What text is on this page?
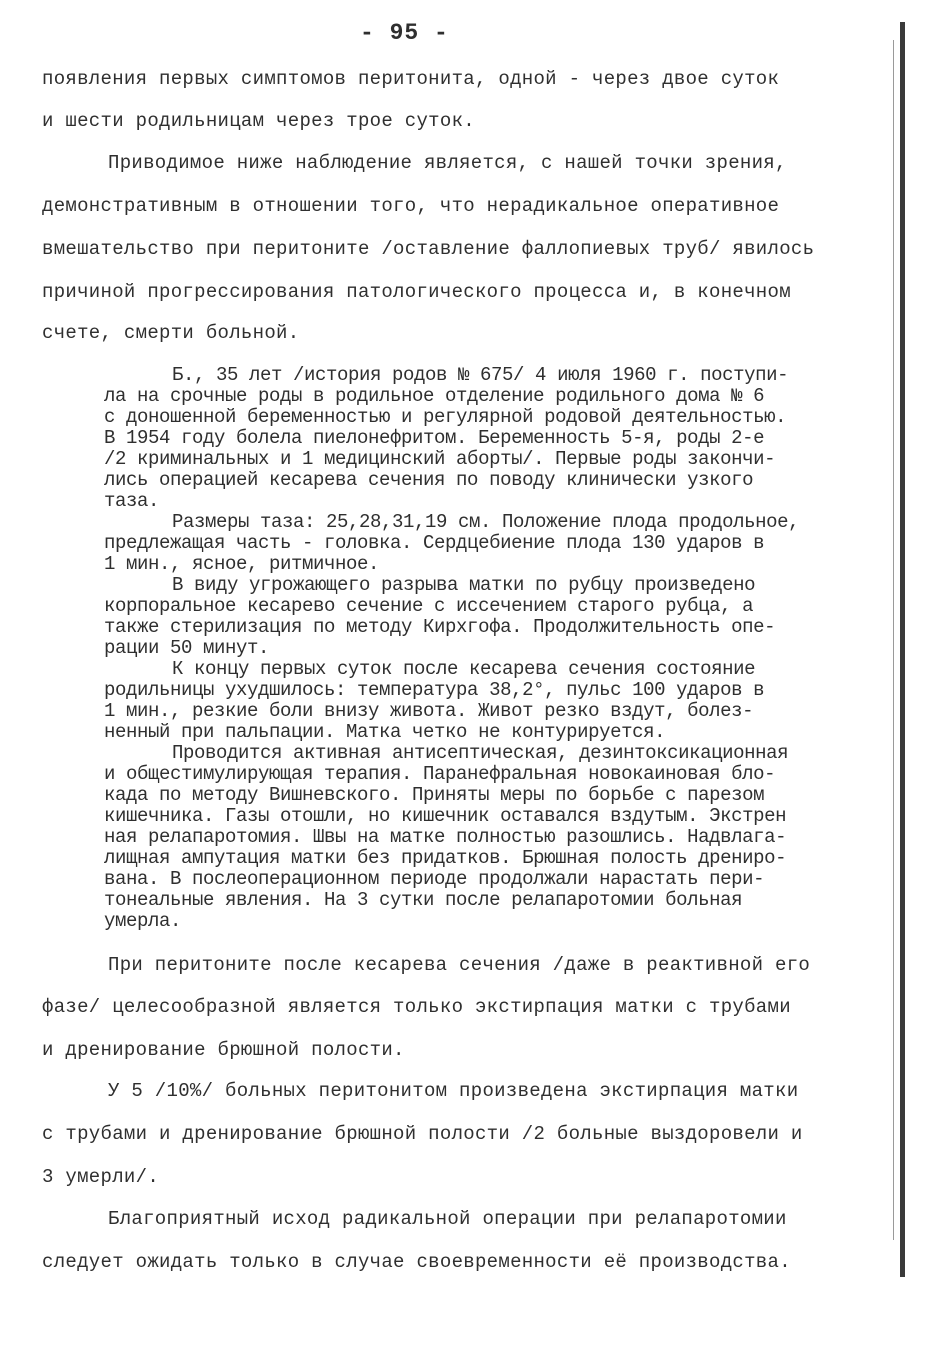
- 95 -
появления первых симптомов перитонита, одной - через двое суток
и шести родильницам через трое суток.
Приводимое ниже наблюдение является, с нашей точки зрения,
демонстративным в отношении того, что нерадикальное оперативное
вмешательство при перитоните /оставление фаллопиевых труб/ явилось
причиной прогрессирования патологического процесса и, в конечном
счете, смерти больной.
Б., 35 лет /история родов № 675/ 4 июля 1960 г. поступи-
ла на срочные роды в родильное отделение родильного дома № 6
с доношенной беременностью и регулярной родовой деятельностью.
В 1954 году болела пиелонефритом. Беременность 5-я, роды 2-е
/2 криминальных и 1 медицинский аборты/. Первые роды закончи-
лись операцией кесарева сечения по поводу клинически узкого
таза.
Размеры таза: 25,28,31,19 см. Положение плода продольное,
предлежащая часть - головка. Сердцебиение плода 130 ударов в
1 мин., ясное, ритмичное.
В виду угрожающего разрыва матки по рубцу произведено
корпоральное кесарево сечение с иссечением старого рубца, а
также стерилизация по методу Кирхгофа. Продолжительность опе-
рации 50 минут.
К концу первых суток после кесарева сечения состояние
родильницы ухудшилось: температура 38,2°, пульс 100 ударов в
1 мин., резкие боли внизу живота. Живот резко вздут, болез-
ненный при пальпации. Матка четко не контурируется.
Проводится активная антисептическая, дезинтоксикационная
и общестимулирующая терапия. Паранефральная новокаиновая бло-
када по методу Вишневского. Приняты меры по борьбе с парезом
кишечника. Газы отошли, но кишечник оставался вздутым. Экстрен
ная релапаротомия. Швы на матке полностью разошлись. Надвлага-
лищная ампутация матки без придатков. Брюшная полость дрениро-
вана. В послеоперационном периоде продолжали нарастать пери-
тонеальные явления. На 3 сутки после релапаротомии больная
умерла.
При перитоните после кесарева сечения /даже в реактивной его
фазе/ целесообразной является только экстирпация матки с трубами
и дренирование брюшной полости.
У 5 /10%/ больных перитонитом произведена экстирпация матки
с трубами и дренирование брюшной полости /2 больные выздоровели и
3 умерли/.
Благоприятный исход радикальной операции при релапаротомии
следует ожидать только в случае своевременности её производства.
